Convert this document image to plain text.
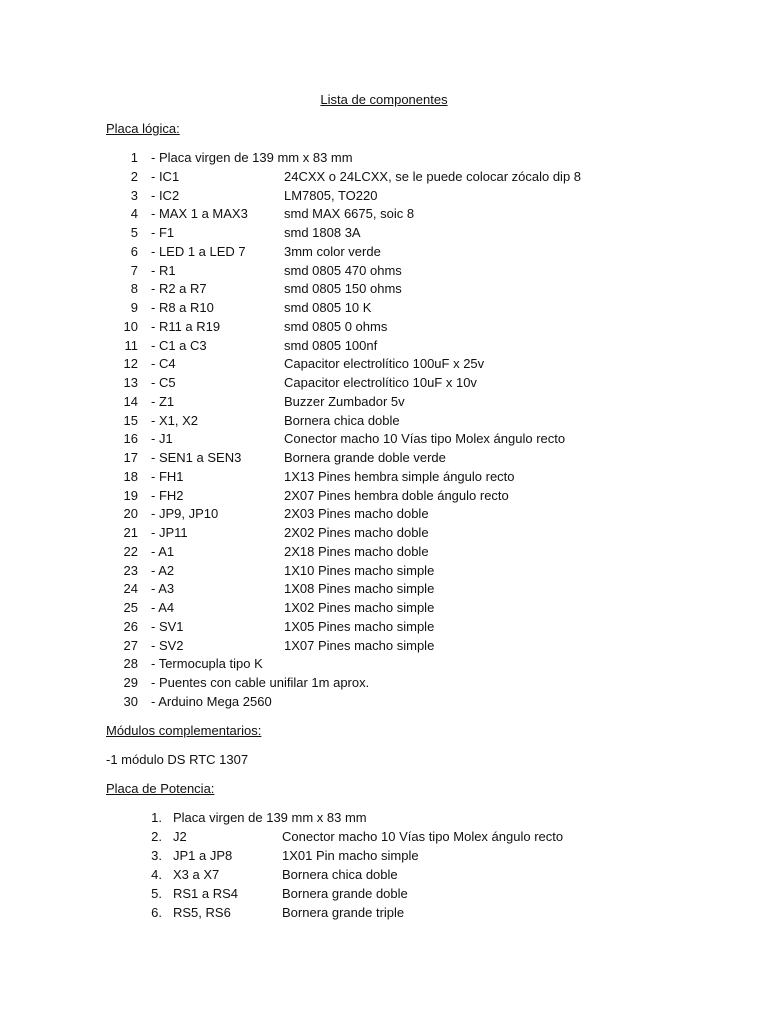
Lista de componentes
Placa lógica:
1 - Placa virgen de 139 mm x 83 mm
2 - IC1	24CXX o 24LCXX, se le puede colocar zócalo dip 8
3 - IC2	LM7805, TO220
4 - MAX 1 a MAX3	smd MAX 6675, soic 8
5 - F1	smd 1808 3A
6 - LED 1 a LED 7	3mm color verde
7 - R1	smd 0805 470 ohms
8 - R2 a R7	smd 0805 150 ohms
9 - R8 a R10	smd 0805 10 K
10 - R11 a R19	smd 0805 0 ohms
11 - C1 a C3	smd 0805 100nf
12 - C4	Capacitor electrolítico 100uF x 25v
13 - C5	Capacitor electrolítico 10uF x 10v
14 - Z1	Buzzer Zumbador 5v
15 - X1, X2	Bornera chica doble
16 - J1	Conector macho 10 Vías tipo Molex ángulo recto
17 - SEN1 a SEN3	Bornera grande doble verde
18 - FH1	1X13 Pines hembra simple ángulo recto
19 - FH2	2X07 Pines hembra doble ángulo recto
20 - JP9, JP10	2X03 Pines macho doble
21 - JP11	2X02 Pines macho doble
22 - A1	2X18 Pines macho doble
23 - A2	1X10 Pines macho simple
24 - A3	1X08 Pines macho simple
25 - A4	1X02 Pines macho simple
26 - SV1	1X05 Pines macho simple
27 - SV2	1X07 Pines macho simple
28 - Termocupla tipo K
29 - Puentes con cable unifilar 1m aprox.
30 - Arduino Mega 2560
Módulos complementarios:
-1 módulo DS RTC 1307
Placa de Potencia:
1. Placa virgen de 139 mm x 83 mm
2. J2	Conector macho 10 Vías tipo Molex ángulo recto
3. JP1 a JP8	1X01 Pin macho simple
4. X3 a X7	Bornera chica doble
5. RS1 a RS4	Bornera grande doble
6. RS5, RS6	Bornera grande triple
